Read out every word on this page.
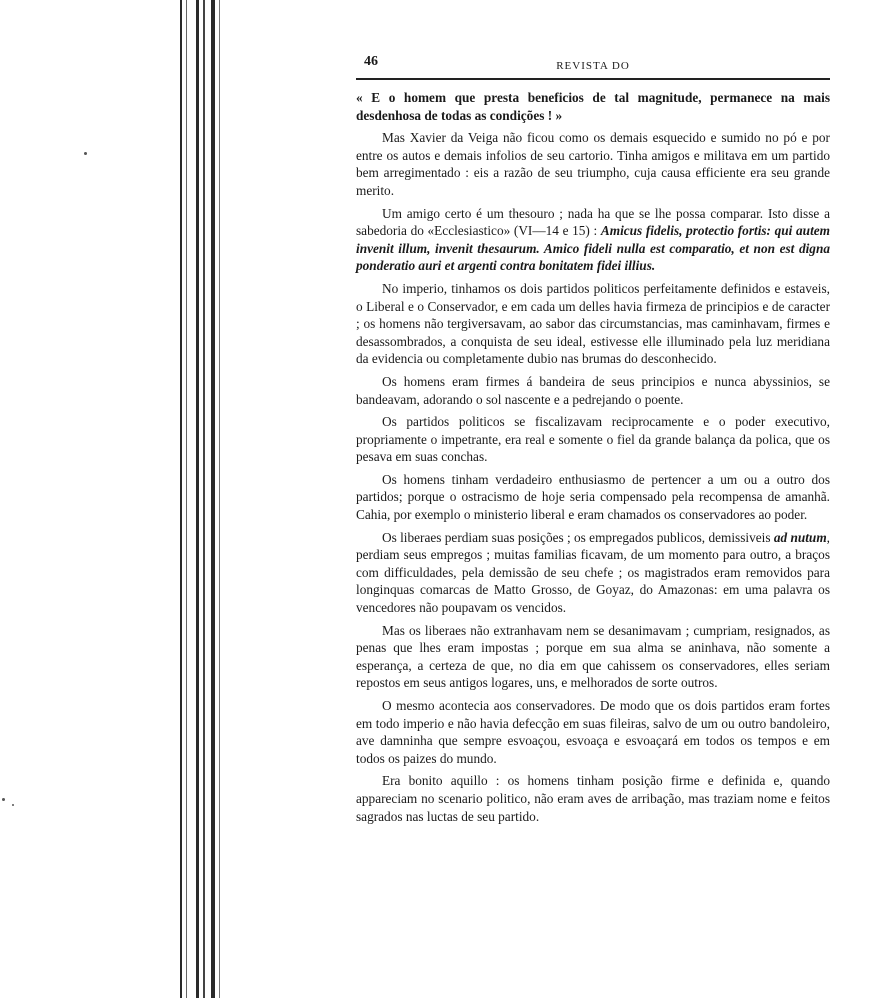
46	REVISTA DO

« E o homem que presta beneficios de tal magnitude, permanece na mais desdenhosa de todas as condições ! »

Mas Xavier da Veiga não ficou como os demais esquecido e sumido no pó e por entre os autos e demais infolios de seu cartorio. Tinha amigos e militava em um partido bem arregimentado : eis a razão de seu triumpho, cuja causa efficiente era seu grande merito.

Um amigo certo é um thesouro ; nada ha que se lhe possa comparar. Isto disse a sabedoria do «Ecclesiastico» (VI—14 e 15) : Amicus fidelis, protectio fortis: qui autem invenit illum, invenit thesaurum. Amico fideli nulla est comparatio, et non est digna ponderatio auri et argenti contra bonitatem fidei illius.

No imperio, tinhamos os dois partidos politicos perfeitamente definidos e estaveis, o Liberal e o Conservador, e em cada um delles havia firmeza de principios e de caracter ; os homens não tergiversavam, ao sabor das circumstancias, mas caminhavam, firmes e desassombrados, a conquista de seu ideal, estivesse elle illuminado pela luz meridiana da evidencia ou completamente dubio nas brumas do desconhecido.

Os homens eram firmes á bandeira de seus principios e nunca abyssinios, se bandeavam, adorando o sol nascente e a pedrejando o poente.

Os partidos politicos se fiscalizavam reciprocamente e o poder executivo, propriamente o impetrante, era real e somente o fiel da grande balança da polica, que os pesava em suas conchas.

Os homens tinham verdadeiro enthusiasmo de pertencer a um ou a outro dos partidos; porque o ostracismo de hoje seria compensado pela recompensa de amanhã. Cahia, por exemplo o ministerio liberal e eram chamados os conservadores ao poder.

Os liberaes perdiam suas posições ; os empregados publicos, demissiveis ad nutum, perdiam seus empregos ; muitas familias ficavam, de um momento para outro, a braços com difficuldades, pela demissão de seu chefe ; os magistrados eram removidos para longinquas comarcas de Matto Grosso, de Goyaz, do Amazonas: em uma palavra os vencedores não poupavam os vencidos.

Mas os liberaes não extranhavam nem se desanimavam ; cumpriam, resignados, as penas que lhes eram impostas ; porque em sua alma se aninhava, não somente a esperança, a certeza de que, no dia em que cahissem os conservadores, elles seriam repostos em seus antigos logares, uns, e melhorados de sorte outros.

O mesmo acontecia aos conservadores. De modo que os dois partidos eram fortes em todo imperio e não havia defecção em suas fileiras, salvo de um ou outro bandoleiro, ave damninha que sempre esvoaçou, esvoaça e esvoaçará em todos os tempos e em todos os paizes do mundo.

Era bonito aquillo : os homens tinham posição firme e definida e, quando appareciam no scenario politico, não eram aves de arribação, mas traziam nome e feitos sagrados nas luctas de seu partido.
